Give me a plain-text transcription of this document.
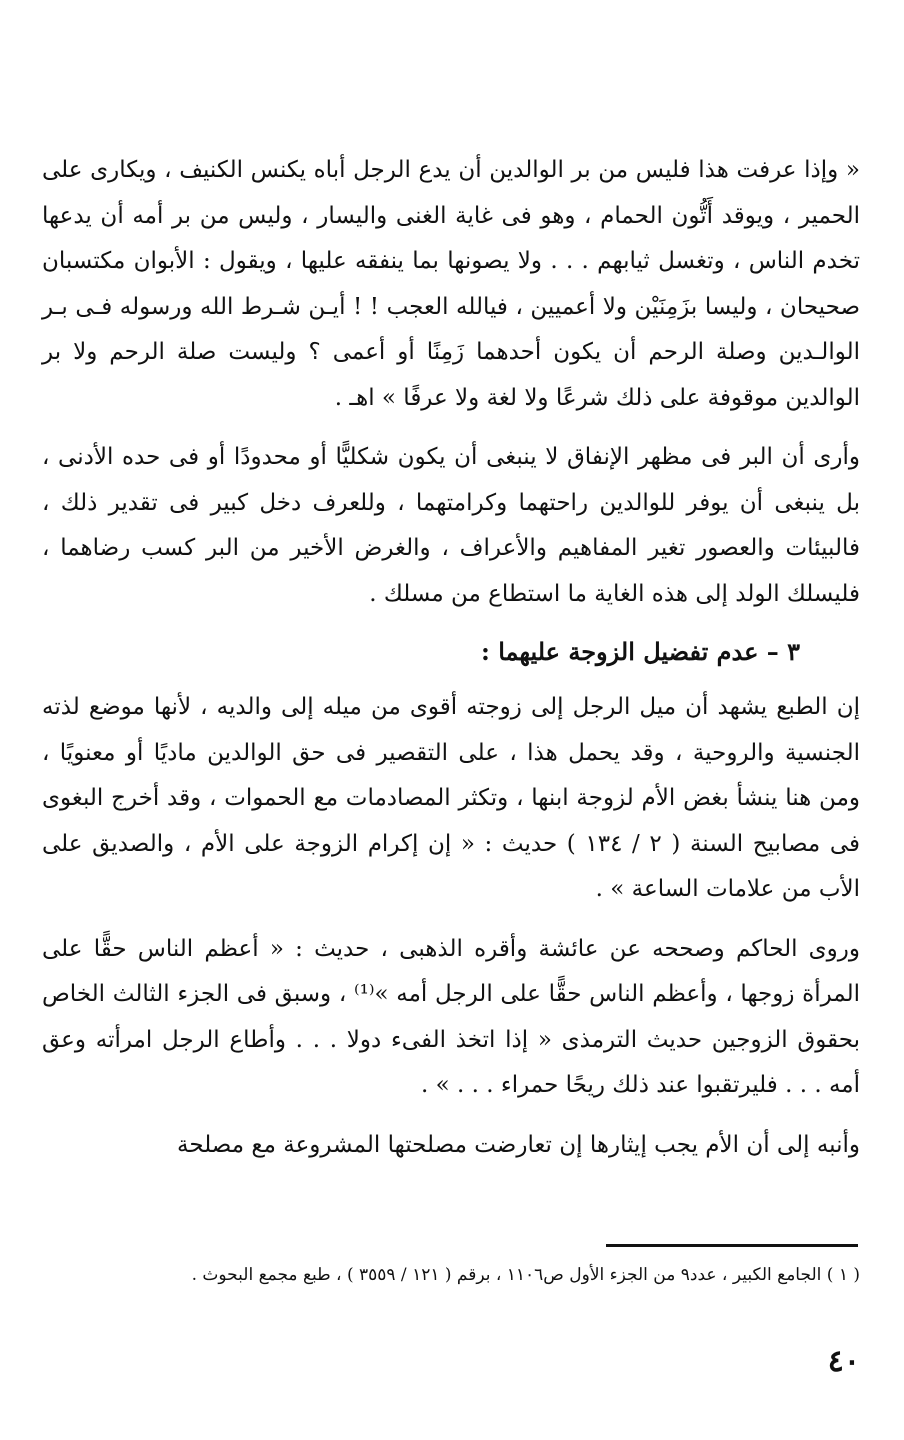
« وإذا عرفت هذا فليس من بر الوالدين أن يدع الرجل أباه يكنس الكنيف ، ويكارى على الحمير ، ويوقد أَتُّون الحمام ، وهو فى غاية الغنى واليسار ، وليس من بر أمه أن يدعها تخدم الناس ، وتغسل ثيابهم . . . ولا يصونها بما ينفقه عليها ، ويقول : الأبوان مكتسبان صحيحان ، وليسا بزَمِنَيْن ولا أعميين ، فيالله العجب ! ! أيـن شـرط الله ورسوله فـى بـر الوالـدين وصلة الرحم أن يكون أحدهما زَمِنًا أو أعمى ؟ وليست صلة الرحم ولا بر الوالدين موقوفة على ذلك شرعًا ولا لغة ولا عرفًا » اهـ .

وأرى أن البر فى مظهر الإنفاق لا ينبغى أن يكون شكليًّا أو محدودًا أو فى حده الأدنى ، بل ينبغى أن يوفر للوالدين راحتهما وكرامتهما ، وللعرف دخل كبير فى تقدير ذلك ، فالبيئات والعصور تغير المفاهيم والأعراف ، والغرض الأخير من البر كسب رضاهما ، فليسلك الولد إلى هذه الغاية ما استطاع من مسلك .

٣ – عدم تفضيل الزوجة عليهما :

إن الطبع يشهد أن ميل الرجل إلى زوجته أقوى من ميله إلى والديه ، لأنها موضع لذته الجنسية والروحية ، وقد يحمل هذا ، على التقصير فى حق الوالدين ماديًا أو معنويًا ، ومن هنا ينشأ بغض الأم لزوجة ابنها ، وتكثر المصادمات مع الحموات ، وقد أخرج البغوى فى مصابيح السنة ( ٢ / ١٣٤ ) حديث : « إن إكرام الزوجة على الأم ، والصديق على الأب من علامات الساعة » .

وروى الحاكم وصححه عن عائشة وأقره الذهبى ، حديث : « أعظم الناس حقًّا على المرأة زوجها ، وأعظم الناس حقًّا على الرجل أمه »⁽¹⁾ ، وسبق فى الجزء الثالث الخاص بحقوق الزوجين حديث الترمذى « إذا اتخذ الفىء دولا . . . وأطاع الرجل امرأته وعق أمه . . . فليرتقبوا عند ذلك ريحًا حمراء . . . » .

وأنبه إلى أن الأم يجب إيثارها إن تعارضت مصلحتها المشروعة مع مصلحة

( ١ ) الجامع الكبير ، عدد٩ من الجزء الأول ص١١٠٦ ، برقم ( ١٢١ / ٣٥٥٩ ) ، طبع مجمع البحوث .
٤٠
